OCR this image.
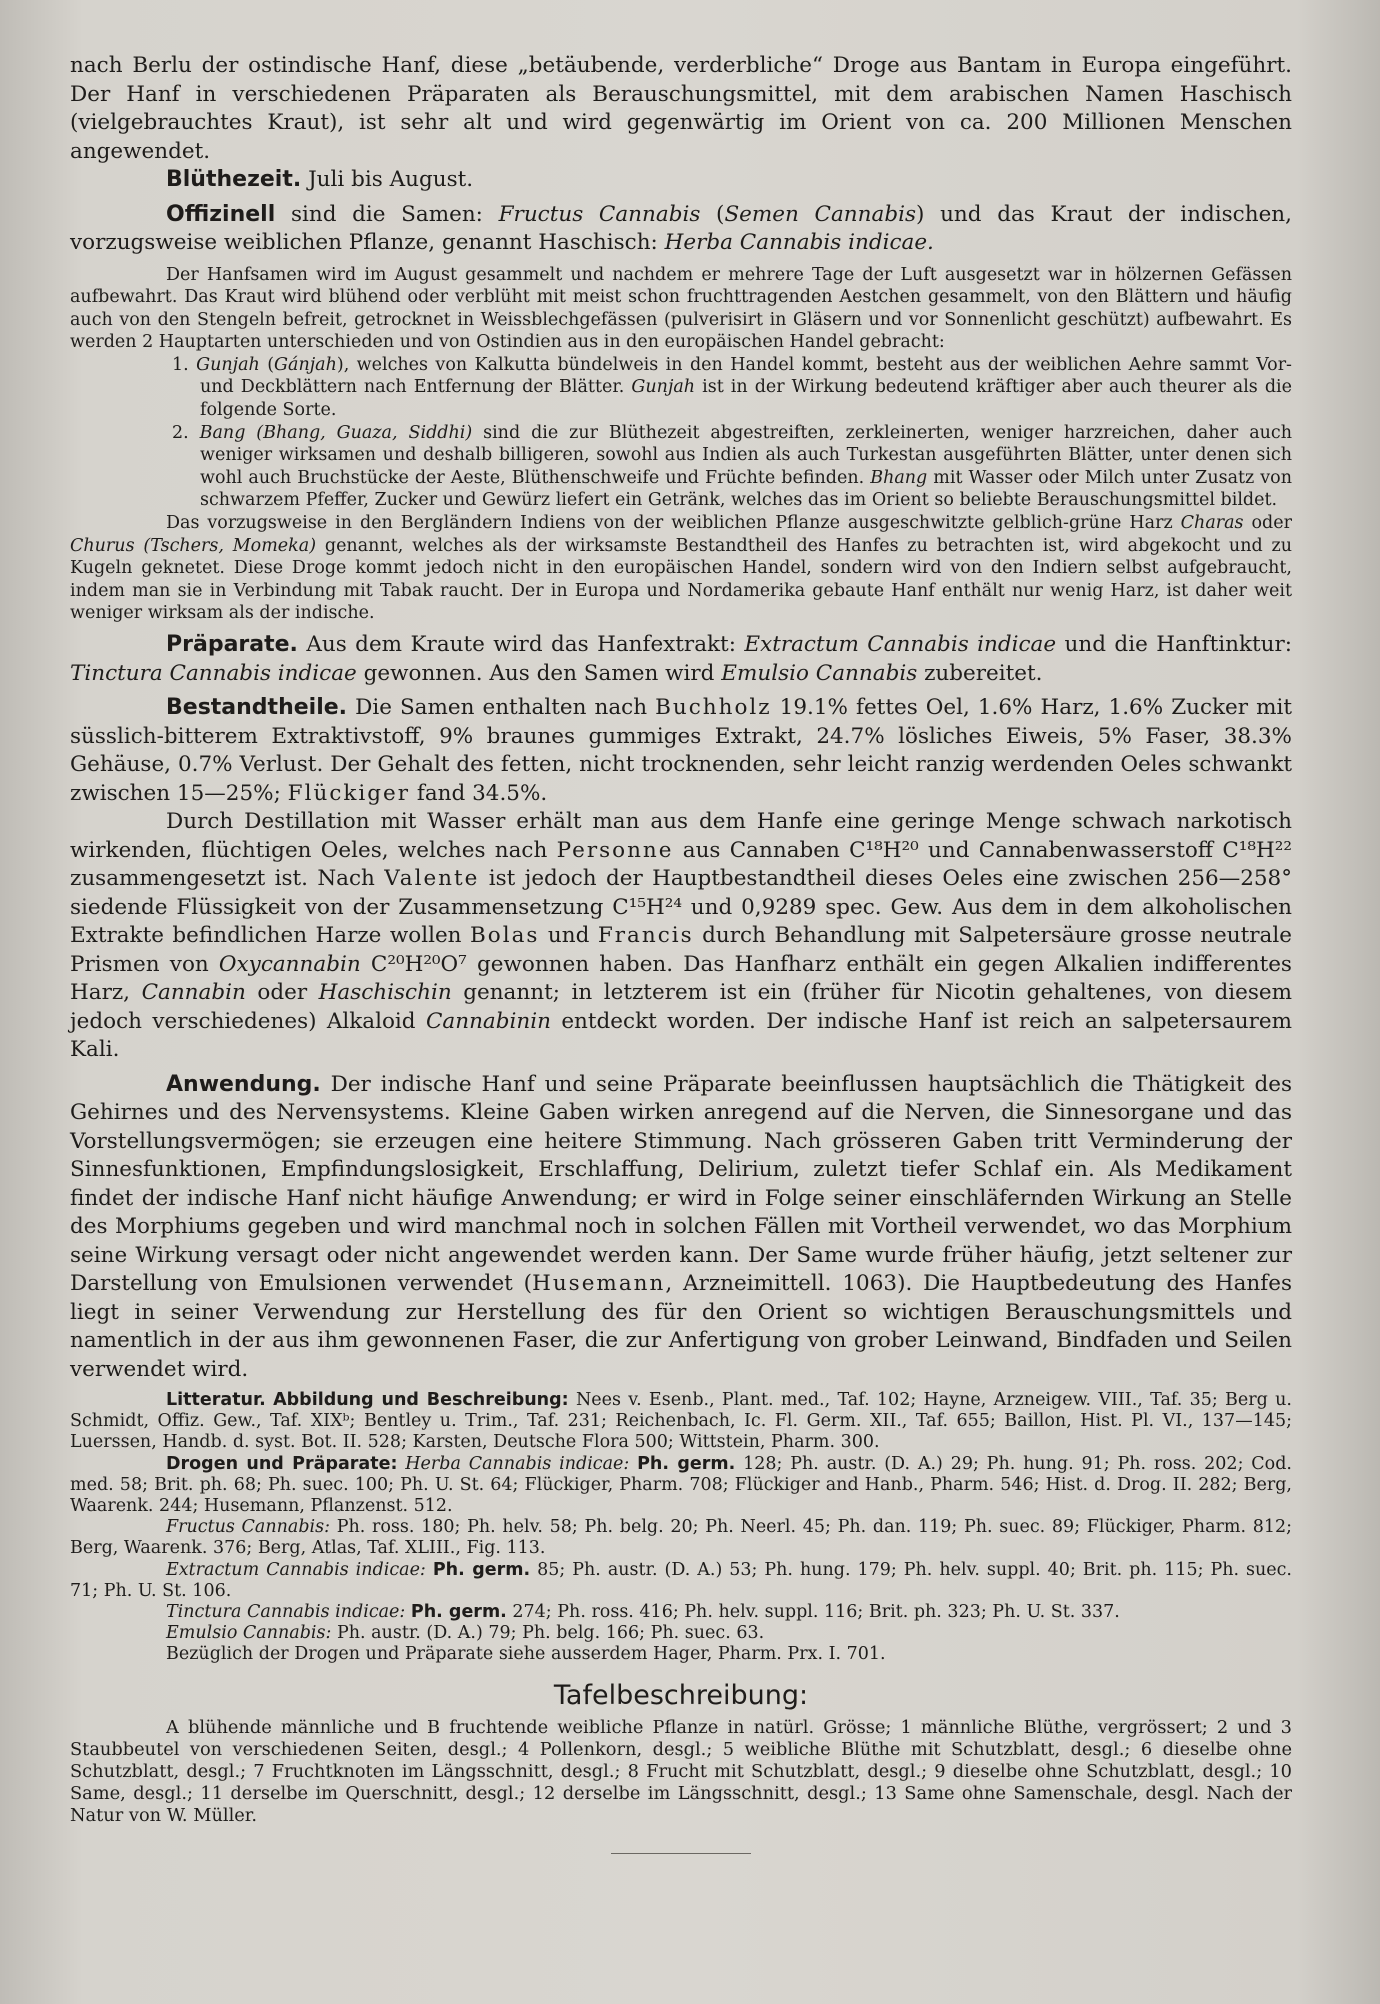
nach Berlu der ostindische Hanf, diese „betäubende, verderbliche“ Droge aus Bantam in Europa eingeführt. Der Hanf in verschiedenen Präparaten als Berauschungsmittel, mit dem arabischen Namen Haschisch (vielgebrauchtes Kraut), ist sehr alt und wird gegenwärtig im Orient von ca. 200 Millionen Menschen angewendet.

Blüthezeit. Juli bis August.

Offizinell sind die Samen: Fructus Cannabis (Semen Cannabis) und das Kraut der indischen, vorzugsweise weiblichen Pflanze, genannt Haschisch: Herba Cannabis indicae.

Der Hanfsamen wird im August gesammelt und nachdem er mehrere Tage der Luft ausgesetzt war in hölzernen Gefässen aufbewahrt. Das Kraut wird blühend oder verblüht mit meist schon fruchttragenden Aestchen gesammelt, von den Blättern und häufig auch von den Stengeln befreit, getrocknet in Weissblechgefässen (pulverisirt in Gläsern und vor Sonnenlicht geschützt) aufbewahrt. Es werden 2 Hauptarten unterschieden und von Ostindien aus in den europäischen Handel gebracht:

1. Gunjah (Gánjah), welches von Kalkutta bündelweis in den Handel kommt, besteht aus der weiblichen Aehre sammt Vor- und Deckblättern nach Entfernung der Blätter. Gunjah ist in der Wirkung bedeutend kräftiger aber auch theurer als die folgende Sorte.

2. Bang (Bhang, Guaza, Siddhi) sind die zur Blüthezeit abgestreiften, zerkleinerten, weniger harzreichen, daher auch weniger wirksamen und deshalb billigeren, sowohl aus Indien als auch Turkestan ausgeführten Blätter, unter denen sich wohl auch Bruchstücke der Aeste, Blüthenschweife und Früchte befinden. Bhang mit Wasser oder Milch unter Zusatz von schwarzem Pfeffer, Zucker und Gewürz liefert ein Getränk, welches das im Orient so beliebte Berauschungsmittel bildet.

Das vorzugsweise in den Bergländern Indiens von der weiblichen Pflanze ausgeschwitzte gelblich-grüne Harz Charas oder Churus (Tschers, Momeka) genannt, welches als der wirksamste Bestandtheil des Hanfes zu betrachten ist, wird abgekocht und zu Kugeln geknetet. Diese Droge kommt jedoch nicht in den europäischen Handel, sondern wird von den Indiern selbst aufgebraucht, indem man sie in Verbindung mit Tabak raucht. Der in Europa und Nordamerika gebaute Hanf enthält nur wenig Harz, ist daher weit weniger wirksam als der indische.

Präparate. Aus dem Kraute wird das Hanfextrakt: Extractum Cannabis indicae und die Hanftinktur: Tinctura Cannabis indicae gewonnen. Aus den Samen wird Emulsio Cannabis zubereitet.

Bestandtheile. Die Samen enthalten nach Buchholz 19.1% fettes Oel, 1.6% Harz, 1.6% Zucker mit süsslich-bitterem Extraktivstoff, 9% braunes gummiges Extrakt, 24.7% lösliches Eiweis, 5% Faser, 38.3% Gehäuse, 0.7% Verlust. Der Gehalt des fetten, nicht trocknenden, sehr leicht ranzig werdenden Oeles schwankt zwischen 15—25%; Flückiger fand 34.5%.

Durch Destillation mit Wasser erhält man aus dem Hanfe eine geringe Menge schwach narkotisch wirkenden, flüchtigen Oeles, welches nach Personne aus Cannaben C¹⁸H²⁰ und Cannabenwasserstoff C¹⁸H²² zusammengesetzt ist. Nach Valente ist jedoch der Hauptbestandtheil dieses Oeles eine zwischen 256—258° siedende Flüssigkeit von der Zusammensetzung C¹⁵H²⁴ und 0,9289 spec. Gew. Aus dem in dem alkoholischen Extrakte befindlichen Harze wollen Bolas und Francis durch Behandlung mit Salpetersäure grosse neutrale Prismen von Oxycannabin C²⁰H²⁰O⁷ gewonnen haben. Das Hanfharz enthält ein gegen Alkalien indifferentes Harz, Cannabin oder Haschischin genannt; in letzterem ist ein (früher für Nicotin gehaltenes, von diesem jedoch verschiedenes) Alkaloid Cannabinin entdeckt worden. Der indische Hanf ist reich an salpetersaurem Kali.

Anwendung. Der indische Hanf und seine Präparate beeinflussen hauptsächlich die Thätigkeit des Gehirnes und des Nervensystems. Kleine Gaben wirken anregend auf die Nerven, die Sinnesorgane und das Vorstellungsvermögen; sie erzeugen eine heitere Stimmung. Nach grösseren Gaben tritt Verminderung der Sinnesfunktionen, Empfindungslosigkeit, Erschlaffung, Delirium, zuletzt tiefer Schlaf ein. Als Medikament findet der indische Hanf nicht häufige Anwendung; er wird in Folge seiner einschläfernden Wirkung an Stelle des Morphiums gegeben und wird manchmal noch in solchen Fällen mit Vortheil verwendet, wo das Morphium seine Wirkung versagt oder nicht angewendet werden kann. Der Same wurde früher häufig, jetzt seltener zur Darstellung von Emulsionen verwendet (Husemann, Arzneimittell. 1063). Die Hauptbedeutung des Hanfes liegt in seiner Verwendung zur Herstellung des für den Orient so wichtigen Berauschungsmittels und namentlich in der aus ihm gewonnenen Faser, die zur Anfertigung von grober Leinwand, Bindfaden und Seilen verwendet wird.

Litteratur. Abbildung und Beschreibung: Nees v. Esenb., Plant. med., Taf. 102; Hayne, Arzneigew. VIII., Taf. 35; Berg u. Schmidt, Offiz. Gew., Taf. XIXᵇ; Bentley u. Trim., Taf. 231; Reichenbach, Ic. Fl. Germ. XII., Taf. 655; Baillon, Hist. Pl. VI., 137—145; Luerssen, Handb. d. syst. Bot. II. 528; Karsten, Deutsche Flora 500; Wittstein, Pharm. 300.

Drogen und Präparate: Herba Cannabis indicae: Ph. germ. 128; Ph. austr. (D. A.) 29; Ph. hung. 91; Ph. ross. 202; Cod. med. 58; Brit. ph. 68; Ph. suec. 100; Ph. U. St. 64; Flückiger, Pharm. 708; Flückiger and Hanb., Pharm. 546; Hist. d. Drog. II. 282; Berg, Waarenk. 244; Husemann, Pflanzenst. 512.

Fructus Cannabis: Ph. ross. 180; Ph. helv. 58; Ph. belg. 20; Ph. Neerl. 45; Ph. dan. 119; Ph. suec. 89; Flückiger, Pharm. 812; Berg, Waarenk. 376; Berg, Atlas, Taf. XLIII., Fig. 113.

Extractum Cannabis indicae: Ph. germ. 85; Ph. austr. (D. A.) 53; Ph. hung. 179; Ph. helv. suppl. 40; Brit. ph. 115; Ph. suec. 71; Ph. U. St. 106.

Tinctura Cannabis indicae: Ph. germ. 274; Ph. ross. 416; Ph. helv. suppl. 116; Brit. ph. 323; Ph. U. St. 337.

Emulsio Cannabis: Ph. austr. (D. A.) 79; Ph. belg. 166; Ph. suec. 63.

Bezüglich der Drogen und Präparate siehe ausserdem Hager, Pharm. Prx. I. 701.

Tafelbeschreibung:

A blühende männliche und B fruchtende weibliche Pflanze in natürl. Grösse; 1 männliche Blüthe, vergrössert; 2 und 3 Staubbeutel von verschiedenen Seiten, desgl.; 4 Pollenkorn, desgl.; 5 weibliche Blüthe mit Schutzblatt, desgl.; 6 dieselbe ohne Schutzblatt, desgl.; 7 Fruchtknoten im Längsschnitt, desgl.; 8 Frucht mit Schutzblatt, desgl.; 9 dieselbe ohne Schutzblatt, desgl.; 10 Same, desgl.; 11 derselbe im Querschnitt, desgl.; 12 derselbe im Längsschnitt, desgl.; 13 Same ohne Samenschale, desgl. Nach der Natur von W. Müller.
